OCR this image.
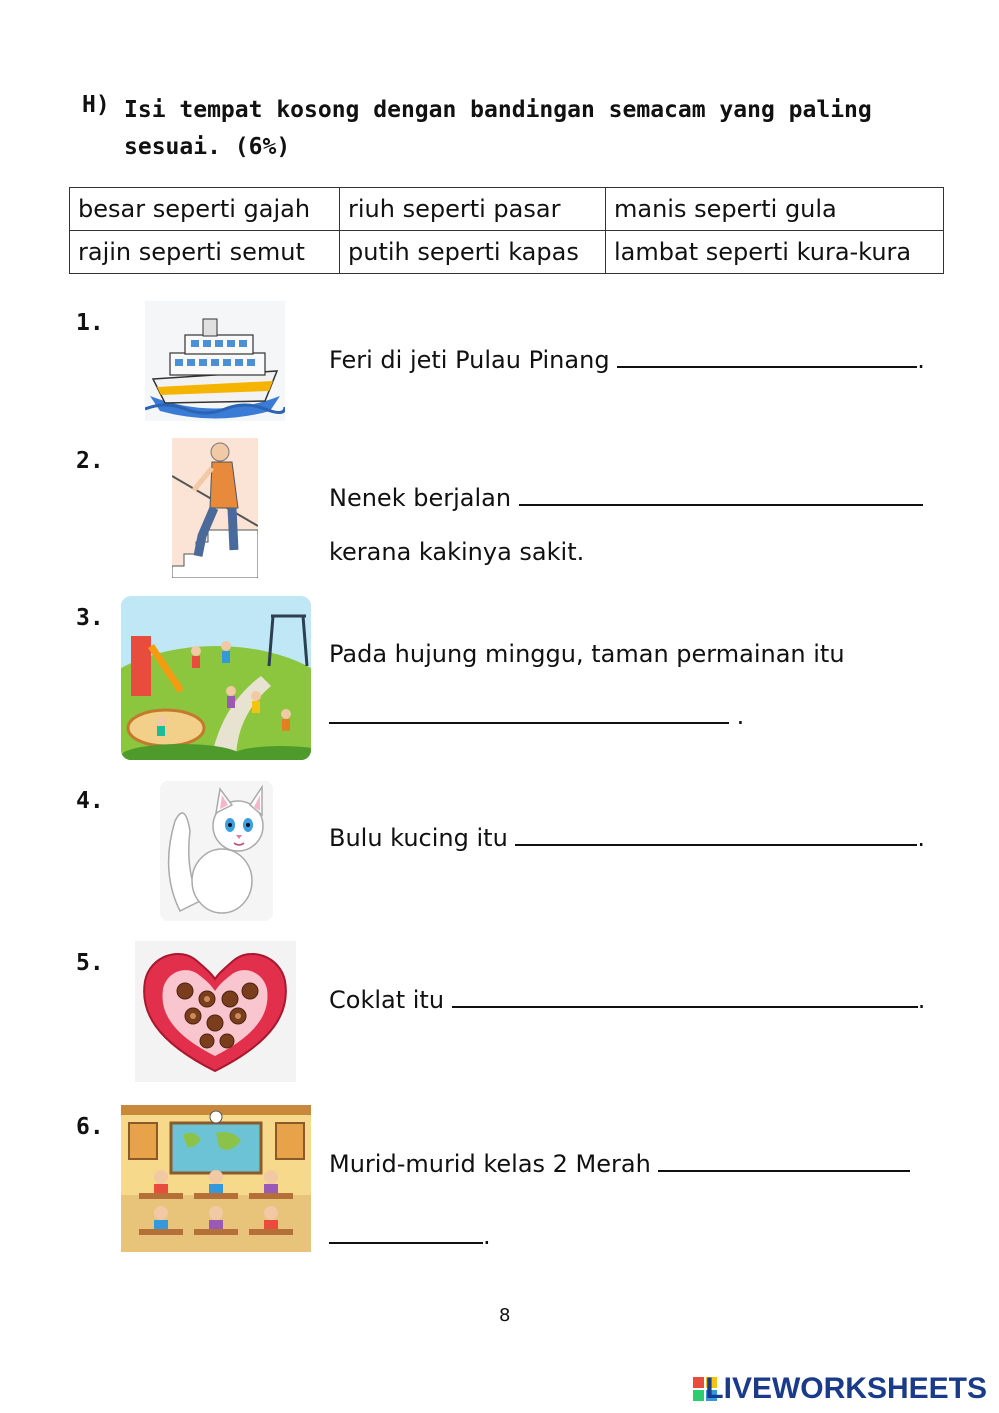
H) Isi tempat kosong dengan bandingan semacam yang paling sesuai. (6%)
besar seperti gajah	riuh seperti pasar	manis seperti gula
rajin seperti semut	putih seperti kapas	lambat seperti kura-kura
1.
Feri di jeti Pulau Pinang	.
2.
Nenek berjalan
kerana kakinya sakit.
3.
Pada hujung minggu, taman permainan itu
.
4.
Bulu kucing itu	.
5.
Coklat itu	.
6.
Murid-murid kelas 2 Merah
.
8
LIVEWORKSHEETS
